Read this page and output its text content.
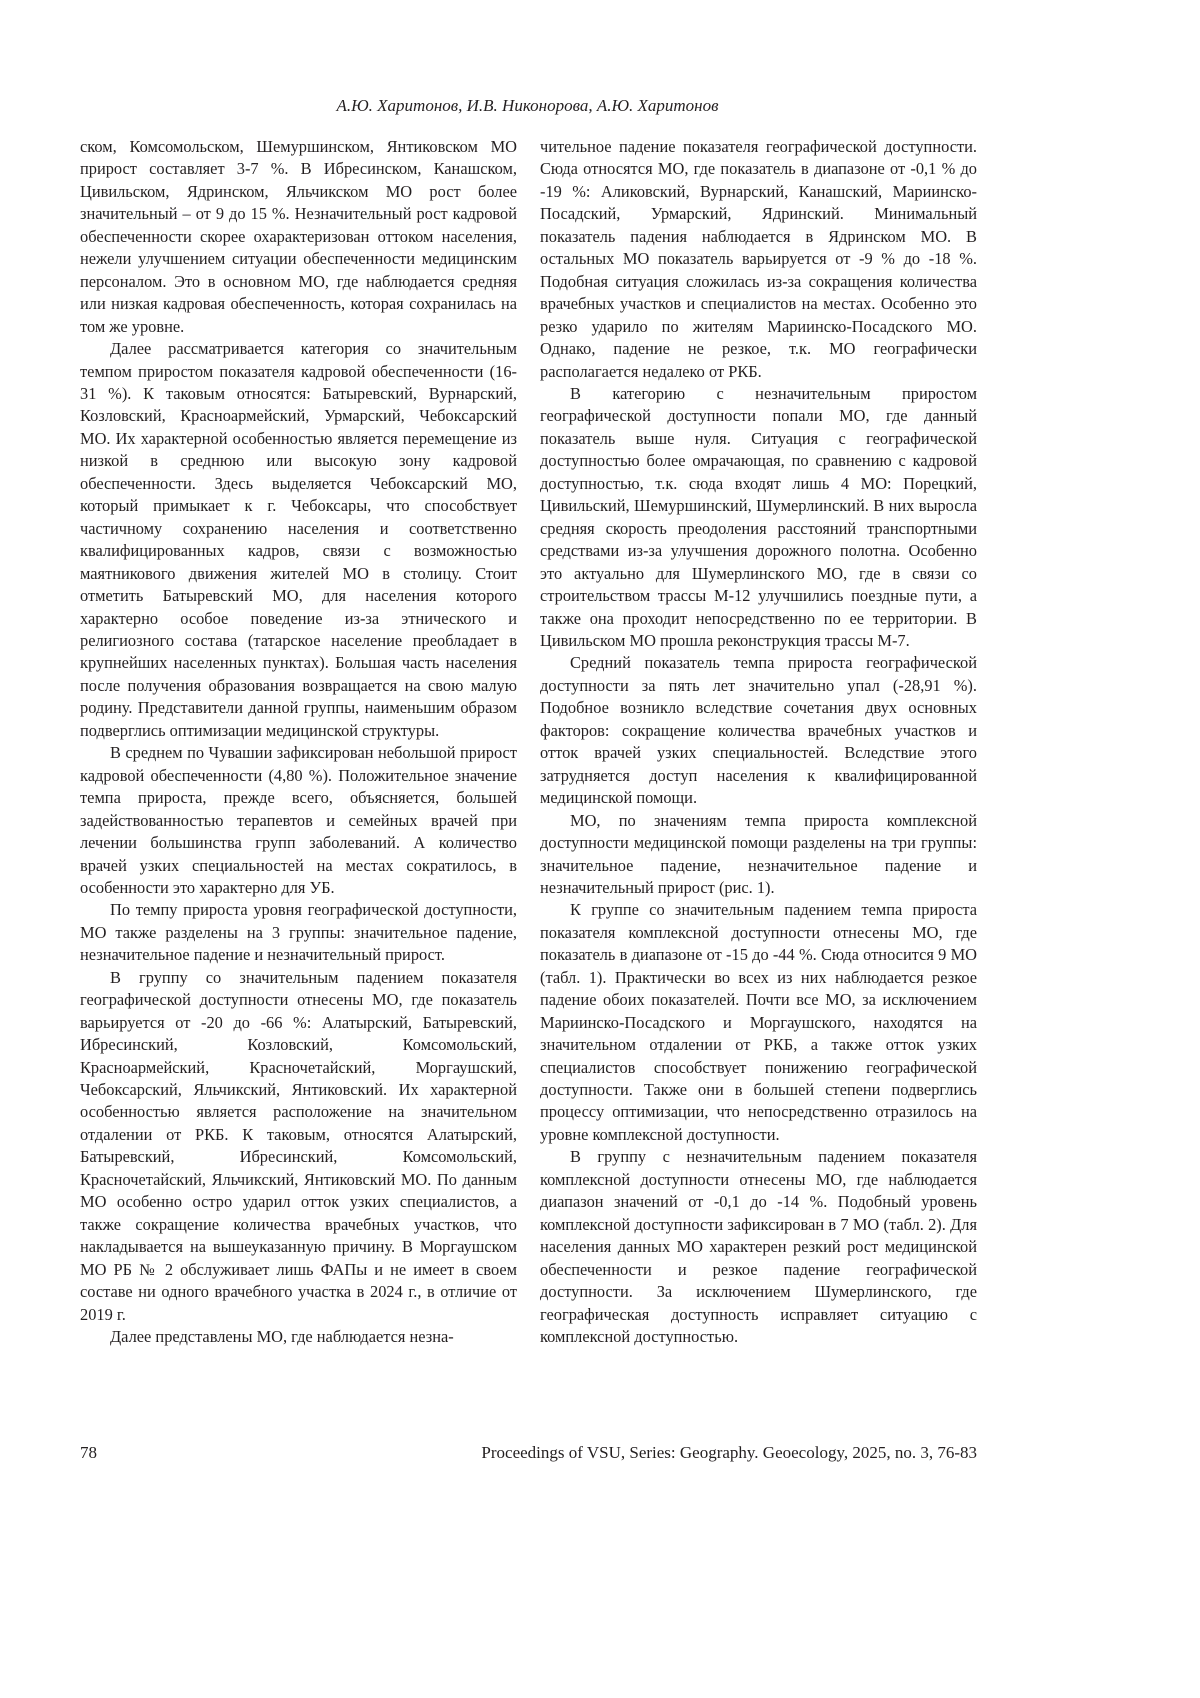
А.Ю. Харитонов, И.В. Никонорова, А.Ю. Харитонов

ском, Комсомольском, Шемуршинском, Янтиковском МО прирост составляет 3-7 %. В Ибресинском, Канашском, Цивильском, Ядринском, Яльчикском МО рост более значительный – от 9 до 15 %. Незначительный рост кадровой обеспеченности скорее охарактеризован оттоком населения, нежели улучшением ситуации обеспеченности медицинским персоналом. Это в основном МО, где наблюдается средняя или низкая кадровая обеспеченность, которая сохранилась на том же уровне.

Далее рассматривается категория со значительным темпом приростом показателя кадровой обеспеченности (16-31 %). К таковым относятся: Батыревский, Вурнарский, Козловский, Красноармейский, Урмарский, Чебоксарский МО. Их характерной особенностью является перемещение из низкой в среднюю или высокую зону кадровой обеспеченности. Здесь выделяется Чебоксарский МО, который примыкает к г. Чебоксары, что способствует частичному сохранению населения и соответственно квалифицированных кадров, связи с возможностью маятникового движения жителей МО в столицу. Стоит отметить Батыревский МО, для населения которого характерно особое поведение из-за этнического и религиозного состава (татарское население преобладает в крупнейших населенных пунктах). Большая часть населения после получения образования возвращается на свою малую родину. Представители данной группы, наименьшим образом подверглись оптимизации медицинской структуры.

В среднем по Чувашии зафиксирован небольшой прирост кадровой обеспеченности (4,80 %). Положительное значение темпа прироста, прежде всего, объясняется, большей задействованностью терапевтов и семейных врачей при лечении большинства групп заболеваний. А количество врачей узких специальностей на местах сократилось, в особенности это характерно для УБ.

По темпу прироста уровня географической доступности, МО также разделены на 3 группы: значительное падение, незначительное падение и незначительный прирост.

В группу со значительным падением показателя географической доступности отнесены МО, где показатель варьируется от -20 до -66 %: Алатырский, Батыревский, Ибресинский, Козловский, Комсомольский, Красноармейский, Красночетайский, Моргаушский, Чебоксарский, Яльчикский, Янтиковский. Их характерной особенностью является расположение на значительном отдалении от РКБ. К таковым, относятся Алатырский, Батыревский, Ибресинский, Комсомольский, Красночетайский, Яльчикский, Янтиковский МО. По данным МО особенно остро ударил отток узких специалистов, а также сокращение количества врачебных участков, что накладывается на вышеуказанную причину. В Моргаушском МО РБ № 2 обслуживает лишь ФАПы и не имеет в своем составе ни одного врачебного участка в 2024 г., в отличие от 2019 г.

Далее представлены МО, где наблюдается незна-

чительное падение показателя географической доступности. Сюда относятся МО, где показатель в диапазоне от -0,1 % до -19 %: Аликовский, Вурнарский, Канашский, Мариинско-Посадский, Урмарский, Ядринский. Минимальный показатель падения наблюдается в Ядринском МО. В остальных МО показатель варьируется от -9 % до -18 %. Подобная ситуация сложилась из-за сокращения количества врачебных участков и специалистов на местах. Особенно это резко ударило по жителям Мариинско-Посадского МО. Однако, падение не резкое, т.к. МО географически располагается недалеко от РКБ.

В категорию с незначительным приростом географической доступности попали МО, где данный показатель выше нуля. Ситуация с географической доступностью более омрачающая, по сравнению с кадровой доступностью, т.к. сюда входят лишь 4 МО: Порецкий, Цивильский, Шемуршинский, Шумерлинский. В них выросла средняя скорость преодоления расстояний транспортными средствами из-за улучшения дорожного полотна. Особенно это актуально для Шумерлинского МО, где в связи со строительством трассы М-12 улучшились поездные пути, а также она проходит непосредственно по ее территории. В Цивильском МО прошла реконструкция трассы М-7.

Средний показатель темпа прироста географической доступности за пять лет значительно упал (-28,91 %). Подобное возникло вследствие сочетания двух основных факторов: сокращение количества врачебных участков и отток врачей узких специальностей. Вследствие этого затрудняется доступ населения к квалифицированной медицинской помощи.

МО, по значениям темпа прироста комплексной доступности медицинской помощи разделены на три группы: значительное падение, незначительное падение и незначительный прирост (рис. 1).

К группе со значительным падением темпа прироста показателя комплексной доступности отнесены МО, где показатель в диапазоне от -15 до -44 %. Сюда относится 9 МО (табл. 1). Практически во всех из них наблюдается резкое падение обоих показателей. Почти все МО, за исключением Мариинско-Посадского и Моргаушского, находятся на значительном отдалении от РКБ, а также отток узких специалистов способствует понижению географической доступности. Также они в большей степени подверглись процессу оптимизации, что непосредственно отразилось на уровне комплексной доступности.

В группу с незначительным падением показателя комплексной доступности отнесены МО, где наблюдается диапазон значений от -0,1 до -14 %. Подобный уровень комплексной доступности зафиксирован в 7 МО (табл. 2). Для населения данных МО характерен резкий рост медицинской обеспеченности и резкое падение географической доступности. За исключением Шумерлинского, где географическая доступность исправляет ситуацию с комплексной доступностью.

78	Proceedings of VSU, Series: Geography. Geoecology, 2025, no. 3, 76-83
